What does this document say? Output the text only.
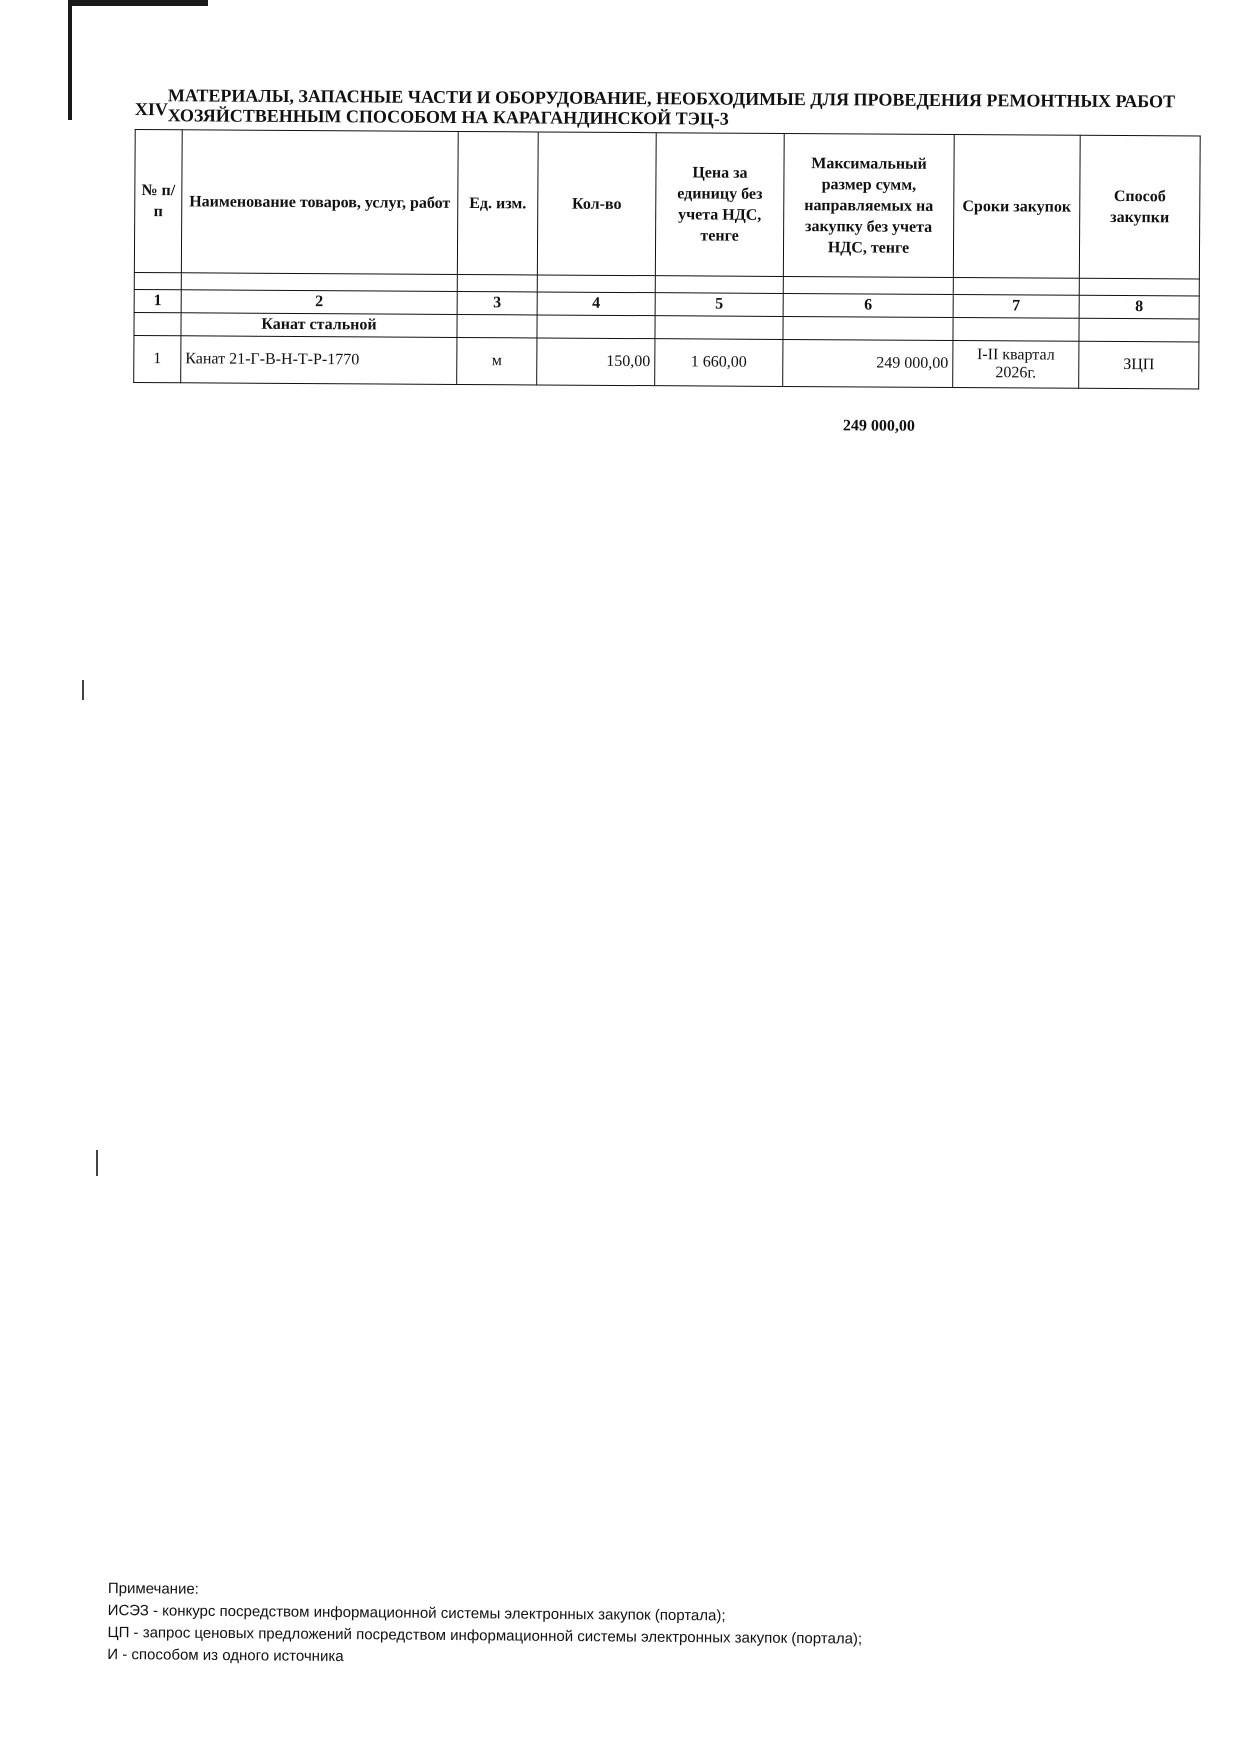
XIV МАТЕРИАЛЫ, ЗАПАСНЫЕ ЧАСТИ И ОБОРУДОВАНИЕ, НЕОБХОДИМЫЕ ДЛЯ ПРОВЕДЕНИЯ РЕМОНТНЫХ РАБОТ ХОЗЯЙСТВЕННЫМ СПОСОБОМ НА КАРАГАНДИНСКОЙ ТЭЦ-3
№ п/п	Наименование товаров, услуг, работ	Ед. изм.	Кол-во	Цена за единицу без учета НДС, тенге	Максимальный размер сумм, направляемых на закупку без учета НДС, тенге	Сроки закупок	Способ закупки

1	2	3	4	5	6	7	8
	Канат стальной						
1	Канат 21-Г-В-Н-Т-Р-1770	м	150,00	1 660,00	249 000,00	I-II квартал 2026г.	ЗЦП
249 000,00
Примечание:
ИСЭЗ - конкурс посредством информационной системы электронных закупок (портала);
ЦП - запрос ценовых предложений посредством информационной системы электронных закупок (портала);
И - способом из одного источника
